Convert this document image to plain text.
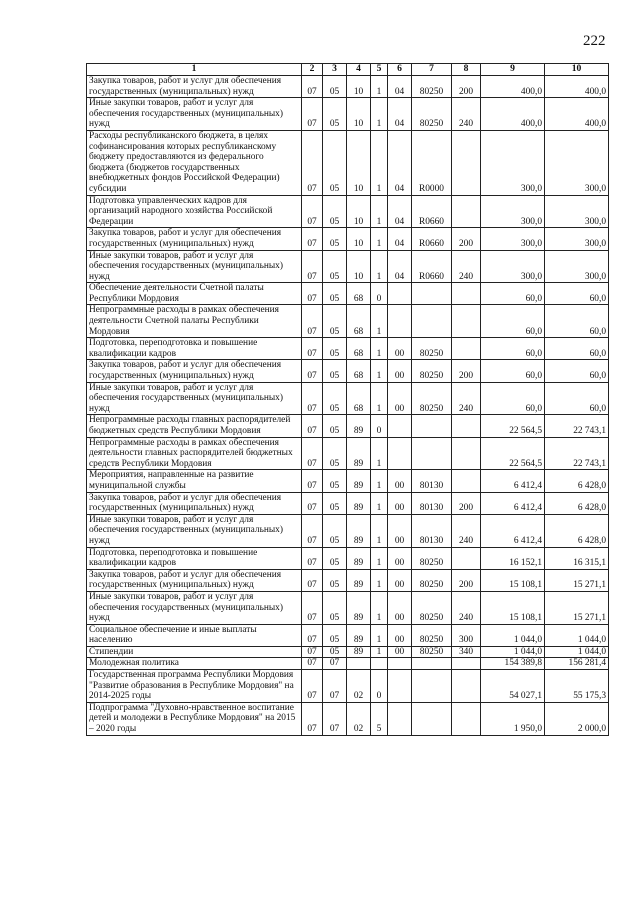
222
1	2	3	4	5	6	7	8	9	10
Закупка товаров, работ и услуг для обеспечения государственных (муниципальных) нужд	07	05	10	1	04	80250	200	400,0	400,0
Иные закупки товаров, работ и услуг для обеспечения государственных (муниципальных) нужд	07	05	10	1	04	80250	240	400,0	400,0
Расходы республиканского бюджета, в целях софинансирования которых республиканскому бюджету предоставляются из федерального бюджета (бюджетов государственных внебюджетных фондов Российской Федерации) субсидии	07	05	10	1	04	R0000		300,0	300,0
Подготовка управленческих кадров для организаций народного хозяйства Российской Федерации	07	05	10	1	04	R0660		300,0	300,0
Закупка товаров, работ и услуг для обеспечения государственных (муниципальных) нужд	07	05	10	1	04	R0660	200	300,0	300,0
Иные закупки товаров, работ и услуг для обеспечения государственных (муниципальных) нужд	07	05	10	1	04	R0660	240	300,0	300,0
Обеспечение деятельности Счетной палаты Республики Мордовия	07	05	68	0				60,0	60,0
Непрограммные расходы в рамках обеспечения деятельности Счетной палаты Республики Мордовия	07	05	68	1				60,0	60,0
Подготовка, переподготовка и повышение квалификации кадров	07	05	68	1	00	80250		60,0	60,0
Закупка товаров, работ и услуг для обеспечения государственных (муниципальных) нужд	07	05	68	1	00	80250	200	60,0	60,0
Иные закупки товаров, работ и услуг для обеспечения государственных (муниципальных) нужд	07	05	68	1	00	80250	240	60,0	60,0
Непрограммные расходы главных распорядителей бюджетных средств Республики Мордовия	07	05	89	0				22 564,5	22 743,1
Непрограммные расходы в рамках обеспечения деятельности главных распорядителей бюджетных средств Республики Мордовия	07	05	89	1				22 564,5	22 743,1
Мероприятия, направленные на развитие муниципальной службы	07	05	89	1	00	80130		6 412,4	6 428,0
Закупка товаров, работ и услуг для обеспечения государственных (муниципальных) нужд	07	05	89	1	00	80130	200	6 412,4	6 428,0
Иные закупки товаров, работ и услуг для обеспечения государственных (муниципальных) нужд	07	05	89	1	00	80130	240	6 412,4	6 428,0
Подготовка, переподготовка и повышение квалификации кадров	07	05	89	1	00	80250		16 152,1	16 315,1
Закупка товаров, работ и услуг для обеспечения государственных (муниципальных) нужд	07	05	89	1	00	80250	200	15 108,1	15 271,1
Иные закупки товаров, работ и услуг для обеспечения государственных (муниципальных) нужд	07	05	89	1	00	80250	240	15 108,1	15 271,1
Социальное обеспечение и иные выплаты населению	07	05	89	1	00	80250	300	1 044,0	1 044,0
Стипендии	07	05	89	1	00	80250	340	1 044,0	1 044,0
Молодежная политика	07	07						154 389,8	156 281,4
Государственная программа Республики Мордовия "Развитие образования в Республике Мордовия" на 2014-2025 годы	07	07	02	0				54 027,1	55 175,3
Подпрограмма "Духовно-нравственное воспитание детей и молодежи в Республике Мордовия" на 2015 – 2020 годы	07	07	02	5				1 950,0	2 000,0
